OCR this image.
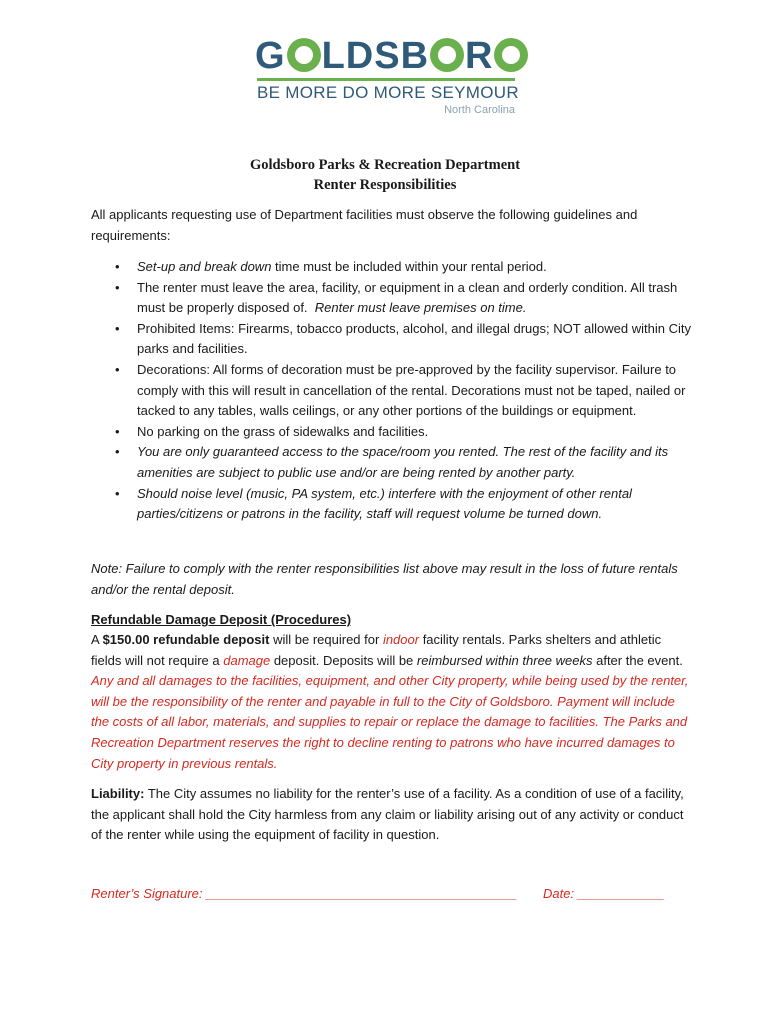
G LDSB R
BE MORE DO MORE SEYMOUR
North Carolina
Goldsboro Parks & Recreation Department
Renter Responsibilities
All applicants requesting use of Department facilities must observe the following guidelines and requirements:
• Set-up and break down time must be included within your rental period.
• The renter must leave the area, facility, or equipment in a clean and orderly condition. All trash must be properly disposed of. Renter must leave premises on time.
• Prohibited Items: Firearms, tobacco products, alcohol, and illegal drugs; NOT allowed within City parks and facilities.
• Decorations: All forms of decoration must be pre-approved by the facility supervisor. Failure to comply with this will result in cancellation of the rental. Decorations must not be taped, nailed or tacked to any tables, walls ceilings, or any other portions of the buildings or equipment.
• No parking on the grass of sidewalks and facilities.
• You are only guaranteed access to the space/room you rented. The rest of the facility and its amenities are subject to public use and/or are being rented by another party.
• Should noise level (music, PA system, etc.) interfere with the enjoyment of other rental parties/citizens or patrons in the facility, staff will request volume be turned down.
Note: Failure to comply with the renter responsibilities list above may result in the loss of future rentals and/or the rental deposit.
Refundable Damage Deposit (Procedures)
A $150.00 refundable deposit will be required for indoor facility rentals. Parks shelters and athletic fields will not require a damage deposit. Deposits will be reimbursed within three weeks after the event. Any and all damages to the facilities, equipment, and other City property, while being used by the renter, will be the responsibility of the renter and payable in full to the City of Goldsboro. Payment will include the costs of all labor, materials, and supplies to repair or replace the damage to facilities. The Parks and Recreation Department reserves the right to decline renting to patrons who have incurred damages to City property in previous rentals.
Liability: The City assumes no liability for the renter’s use of a facility. As a condition of use of a facility, the applicant shall hold the City harmless from any claim or liability arising out of any activity or conduct of the renter while using the equipment of facility in question.
Renter’s Signature: ___________________________________________ Date: ____________
